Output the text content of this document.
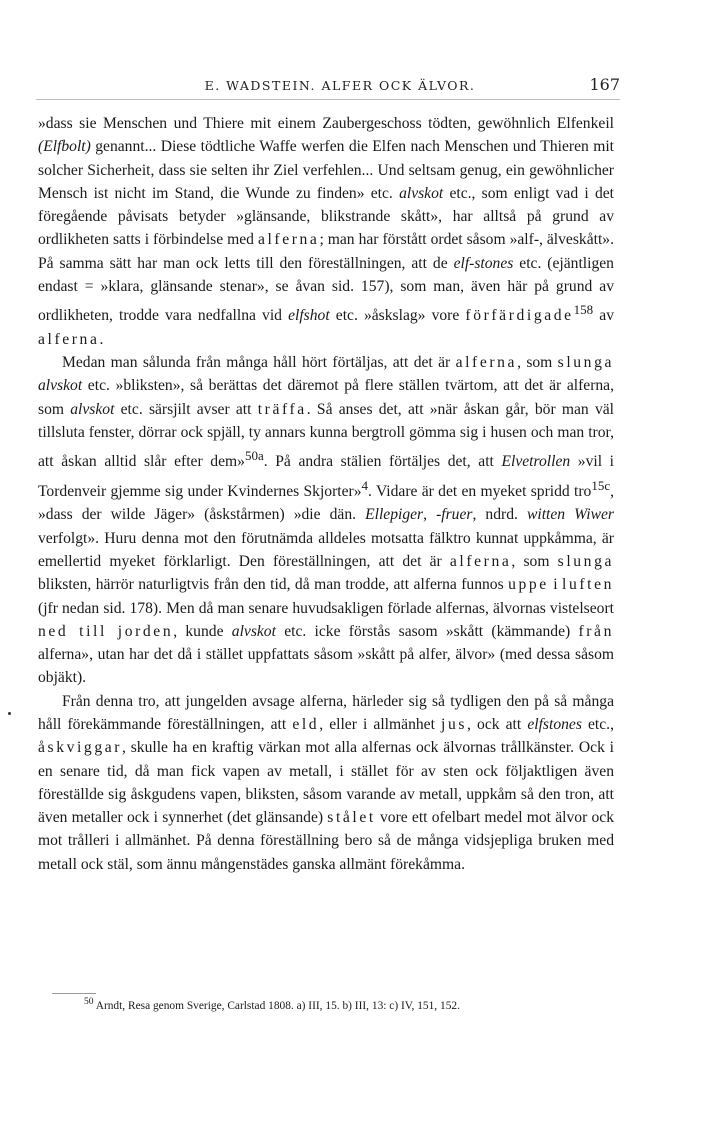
E. WADSTEIN. ALFER OCK ÄLVOR.	167

»dass sie Menschen und Thiere mit einem Zaubergeschoss tödten, gewöhnlich Elfenkeil (Elfbolt) genannt... Diese tödtliche Waffe werfen die Elfen nach Menschen und Thieren mit solcher Sicherheit, dass sie selten ihr Ziel verfehlen... Und seltsam genug, ein gewöhnlicher Mensch ist nicht im Stand, die Wunde zu finden» etc. alvskot etc., som enligt vad i det föregående påvisats betyder »glänsande, blikstrande skått», har alltså på grund av ordlikheten satts i förbindelse med alferna; man har förstått ordet såsom »alf-, älveskått». På samma sätt har man ock letts till den föreställningen, att de elf-stones etc. (ejäntligen endast = »klara, glänsande stenar», se åvan sid. 157), som man, även här på grund av ordlikheten, trodde vara nedfallna vid elfshot etc. »åskslag» vore förfärdigade$^{158}$ av alferna.

Medan man sålunda från många håll hört förtäljas, att det är alferna, som slunga alvskot etc. »bliksten», så berättas det däremot på flere ställen tvärtom, att det är alferna, som alvskot etc. särsjilt avser att träffa. Så anses det, att »när åskan går, bör man väl tillsluta fenster, dörrar ock spjäll, ty annars kunna bergtroll gömma sig i husen och man tror, att åskan alltid slår efter dem»$^{50a}$. På andra stälien förtäljes det, att Elvetrollen »vil i Tordenveir gjemme sig under Kvindernes Skjorter»$^4$. Vidare är det en myeket spridd tro$^{15c}$, »dass der wilde Jäger» (åskstårmen) »die dän. Ellepiger, -fruer, ndrd. witten Wiwer verfolgt». Huru denna mot den förutnämda alldeles motsatta fälktro kunnat uppkåmma, är emellertid myeket förklarligt. Den föreställningen, att det är alferna, som slunga bliksten, härrör naturligtvis från den tid, då man trodde, att alferna funnos uppe i luften (jfr nedan sid. 178). Men då man senare huvudsakligen förlade alfernas, älvornas vistelseort ned till jorden, kunde alvskot etc. icke förstås sasom »skått (kämmande) från alferna», utan har det då i stället uppfattats såsom »skått på alfer, älvor» (med dessa såsom objäkt).

Från denna tro, att jungelden avsage alferna, härleder sig så tydligen den på så många håll förekämmande föreställningen, att eld, eller i allmänhet jus, ock att elfstones etc., åskviggar, skulle ha en kraftig värkan mot alla alfernas ock älvornas trållkänster. Ock i en senare tid, då man fick vapen av metall, i stället för av sten ock följaktligen även föreställde sig åskgudens vapen, bliksten, såsom varande av metall, uppkåm så den tron, att även metaller ock i synnerhet (det glänsande) stålet vore ett ofelbart medel mot älvor ock mot trålleri i allmänhet. På denna föreställning bero så de många vidsjepliga bruken med metall ock stäl, som ännu mångenstädes ganska allmänt förekåmma.

$^{50}$ Arndt, Resa genom Sverige, Carlstad 1808. a) III, 15. b) III, 13: c) IV, 151, 152.
